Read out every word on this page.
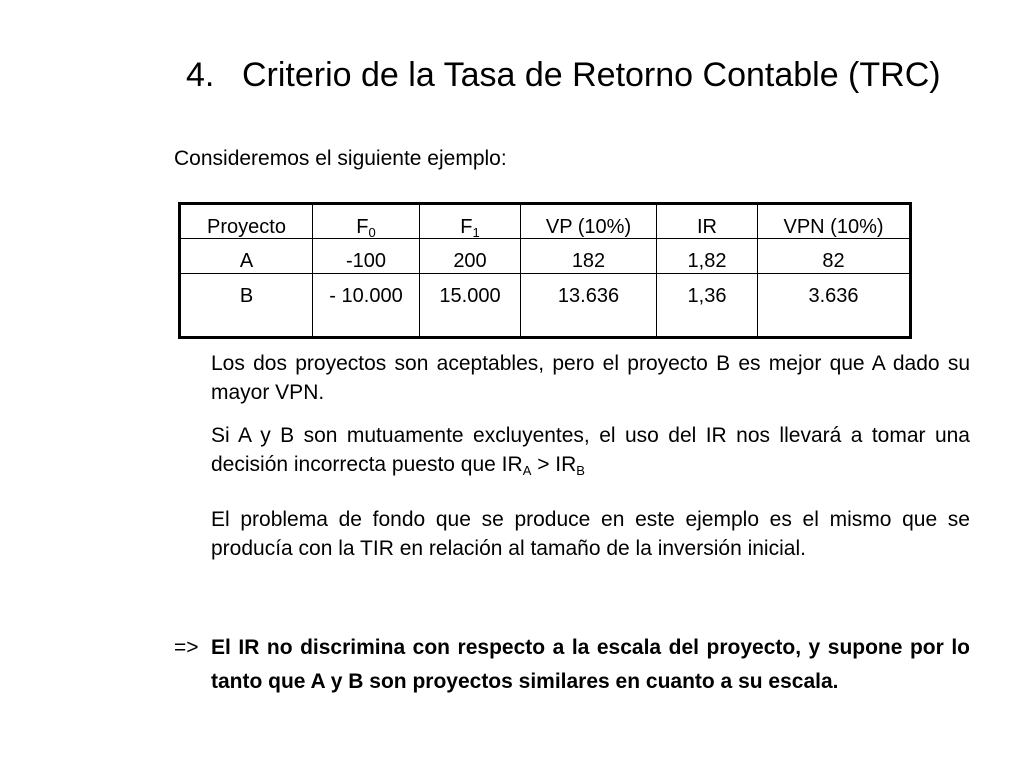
4. Criterio de la Tasa de Retorno Contable (TRC)
Consideremos el siguiente ejemplo:
Proyecto	$F_0$	$F_1$	VP (10%)	IR	VPN (10%)
A	-100	200	182	1,82	82
B	- 10.000	15.000	13.636	1,36	3.636
Los dos proyectos son aceptables, pero el proyecto B es mejor que A dado su mayor VPN.
Si A y B son mutuamente excluyentes, el uso del IR nos llevará a tomar una decisión incorrecta puesto que $IR_A > IR_B$
El problema de fondo que se produce en este ejemplo es el mismo que se producía con la TIR en relación al tamaño de la inversión inicial.
=> El IR no discrimina con respecto a la escala del proyecto, y supone por lo tanto que A y B son proyectos similares en cuanto a su escala.
